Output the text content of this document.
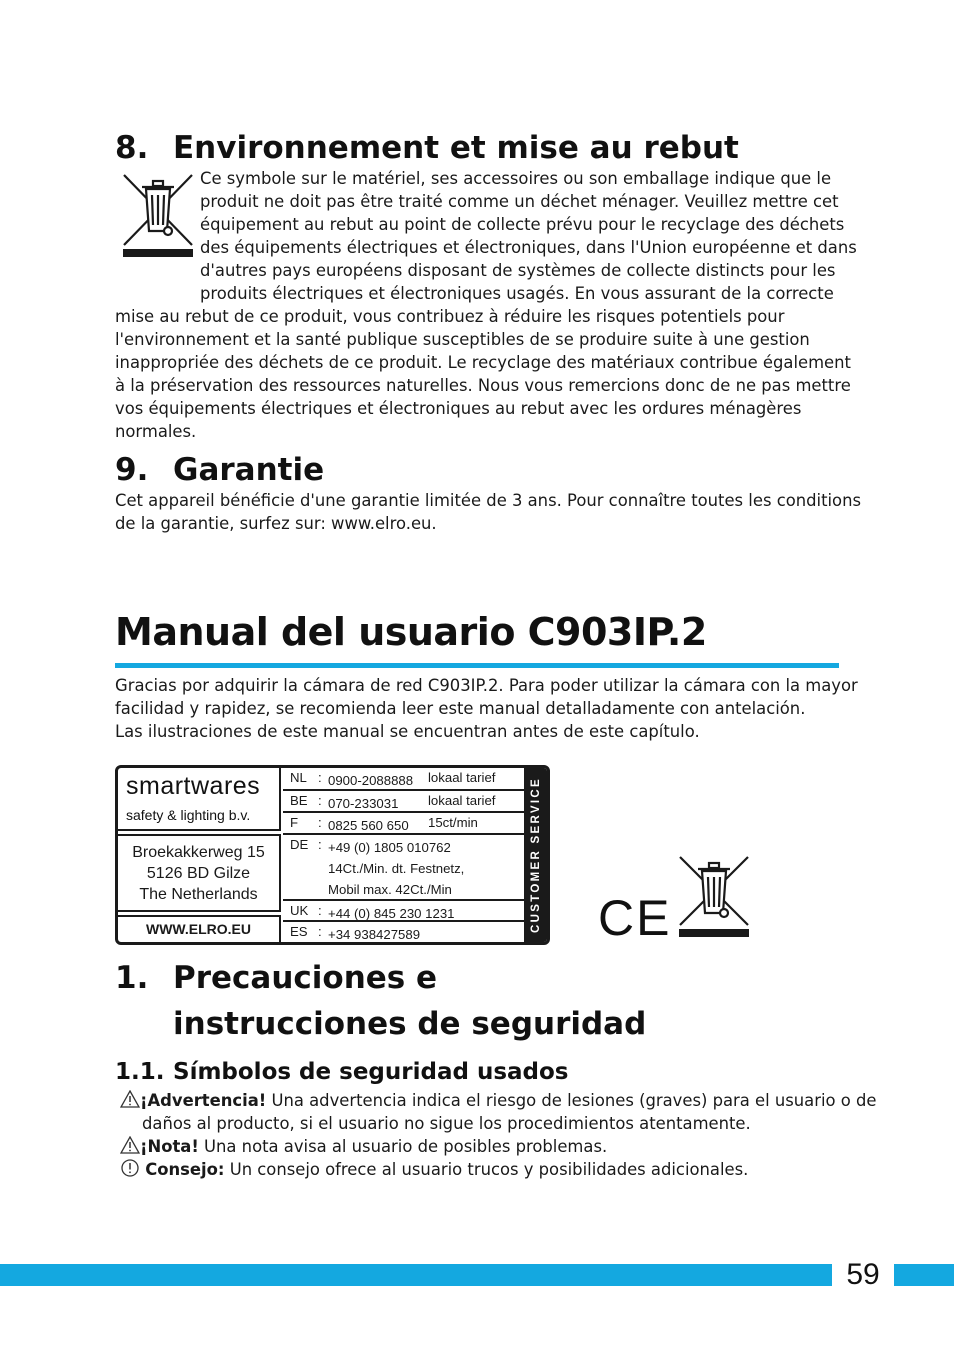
8. Environnement et mise au rebut
Ce symbole sur le matériel, ses accessoires ou son emballage indique que le
produit ne doit pas être traité comme un déchet ménager. Veuillez mettre cet
équipement au rebut au point de collecte prévu pour le recyclage des déchets
des équipements électriques et électroniques, dans l'Union européenne et dans
d'autres pays européens disposant de systèmes de collecte distincts pour les
produits électriques et électroniques usagés. En vous assurant de la correcte
mise au rebut de ce produit, vous contribuez à réduire les risques potentiels pour
l'environnement et la santé publique susceptibles de se produire suite à une gestion
inappropriée des déchets de ce produit. Le recyclage des matériaux contribue également
à la préservation des ressources naturelles. Nous vous remercions donc de ne pas mettre
vos équipements électriques et électroniques au rebut avec les ordures ménagères
normales.
9. Garantie
Cet appareil bénéficie d'une garantie limitée de 3 ans. Pour connaître toutes les conditions
de la garantie, surfez sur: www.elro.eu.
Manual del usuario C903IP.2
Gracias por adquirir la cámara de red C903IP.2. Para poder utilizar la cámara con la mayor
facilidad y rapidez, se recomienda leer este manual detalladamente con antelación.
Las ilustraciones de este manual se encuentran antes de este capítulo.
smartwares
safety & lighting b.v.
Broekakkerweg 15
5126 BD Gilze
The Netherlands
WWW.ELRO.EU
NL : 0900-2088888 lokaal tarief
BE : 070-233031 lokaal tarief
F : 0825 560 650 15ct/min
DE : +49 (0) 1805 010762
14Ct./Min. dt. Festnetz,
Mobil max. 42Ct./Min
UK : +44 (0) 845 230 1231
ES : +34 938427589
CUSTOMER SERVICE CE
1. Precauciones e
instrucciones de seguridad
1.1. Símbolos de seguridad usados
¡Advertencia! Una advertencia indica el riesgo de lesiones (graves) para el usuario o de
daños al producto, si el usuario no sigue los procedimientos atentamente.
¡Nota! Una nota avisa al usuario de posibles problemas.
Consejo: Un consejo ofrece al usuario trucos y posibilidades adicionales.
59
